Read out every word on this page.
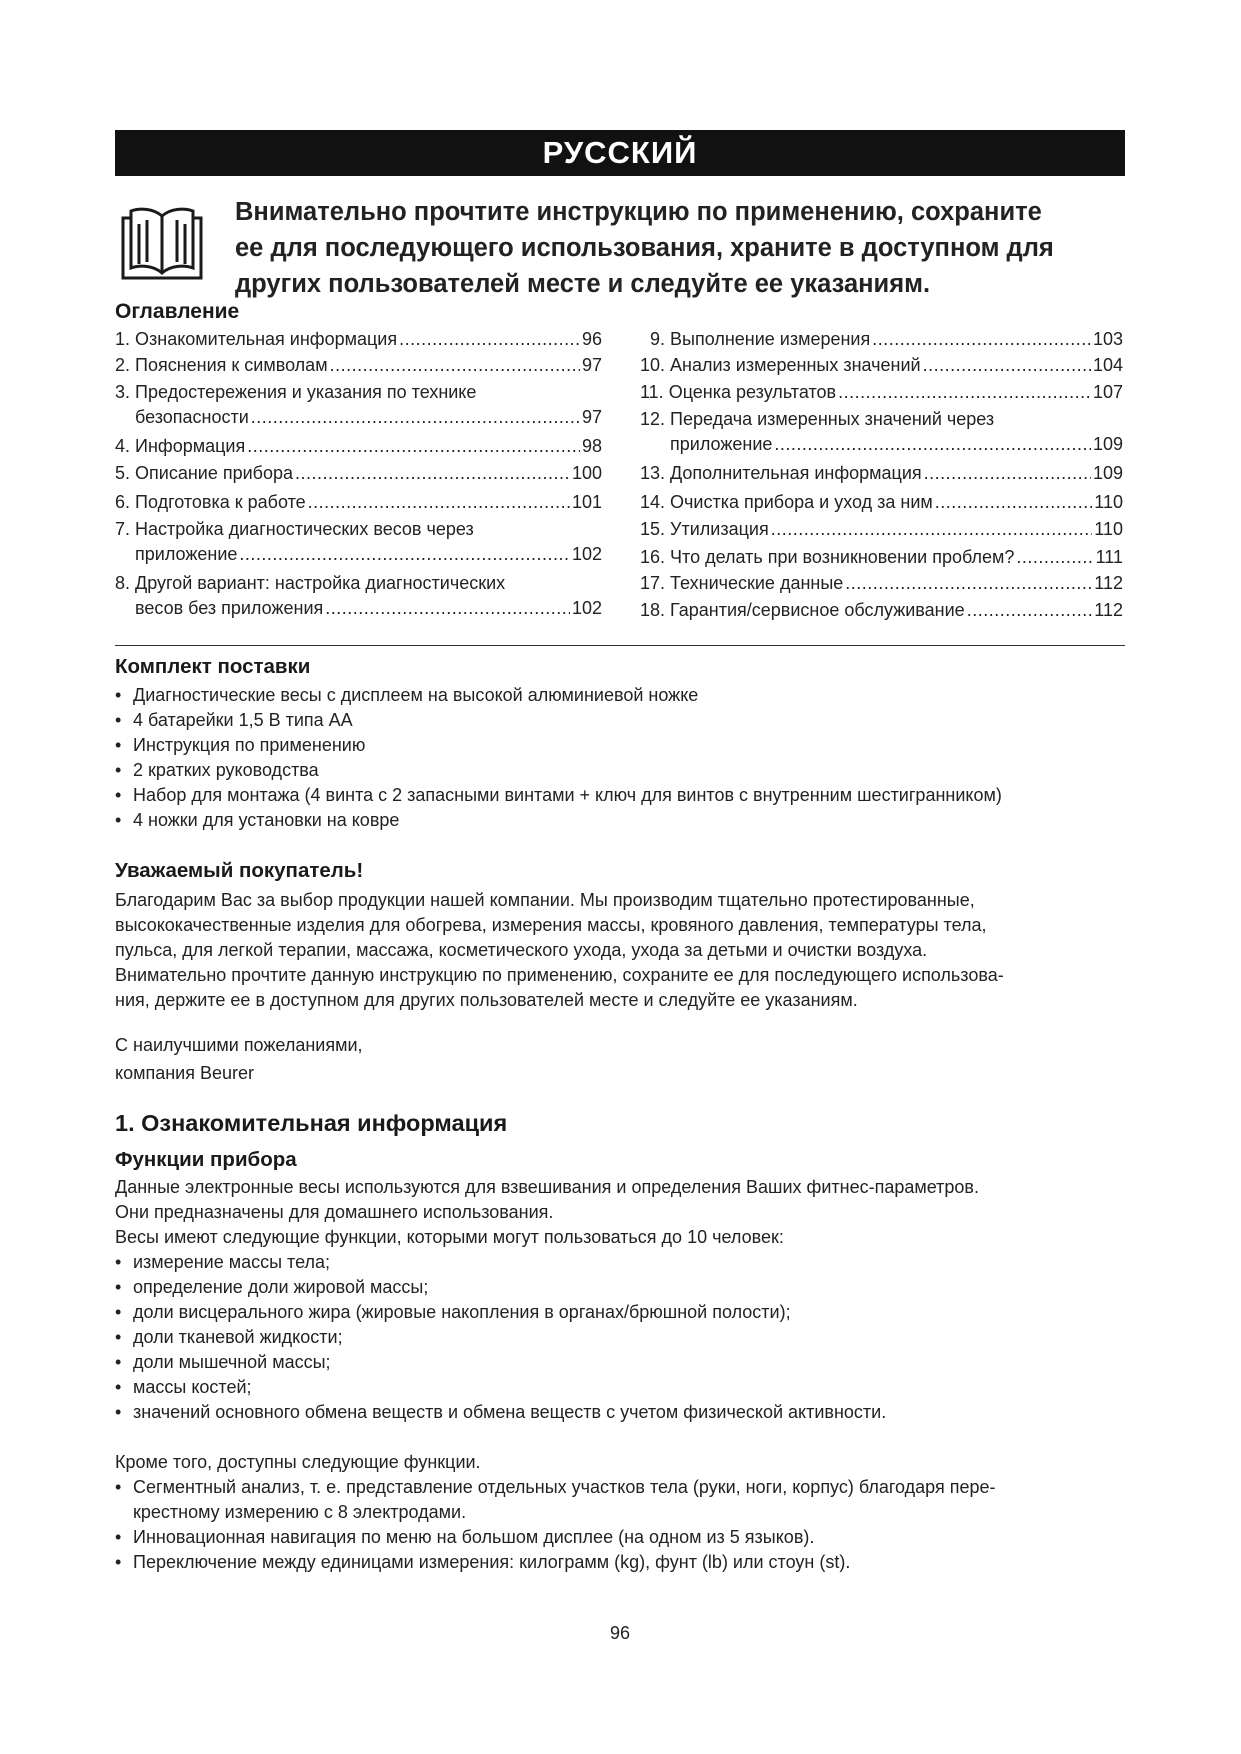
РУССКИЙ
Внимательно прочтите инструкцию по применению, сохраните
ее для последующего использования, храните в доступном для
других пользователей месте и следуйте ее указаниям.
Оглавление
1. Ознакомительная информация .....	96
2. Пояснения к символам .....	97
3. Предостережения и указания по технике
безопасности .....	97
4. Информация .....	98
5. Описание прибора .....	100
6. Подготовка к работе .....	101
7. Настройка диагностических весов через
приложение .....	102
8. Другой вариант: настройка диагностических
весов без приложения .....	102
9. Выполнение измерения .....	103
10. Анализ измеренных значений .....	104
11. Оценка результатов .....	107
12. Передача измеренных значений через
приложение .....	109
13. Дополнительная информация .....	109
14. Очистка прибора и уход за ним .....	110
15. Утилизация .....	110
16. Что делать при возникновении проблем? .....	111
17. Технические данные .....	112
18. Гарантия/сервисное обслуживание .....	112
Комплект поставки
• Диагностические весы с дисплеем на высокой алюминиевой ножке
• 4 батарейки 1,5 В типа AA
• Инструкция по применению
• 2 кратких руководства
• Набор для монтажа (4 винта с 2 запасными винтами + ключ для винтов с внутренним шестигранником)
• 4 ножки для установки на ковре
Уважаемый покупатель!

Благодарим Вас за выбор продукции нашей компании. Мы производим тщательно протестированные,

высококачественные изделия для обогрева, измерения массы, кровяного давления, температуры тела,

пульса, для легкой терапии, массажа, косметического ухода, ухода за детьми и очистки воздуха.

Внимательно прочтите данную инструкцию по применению, сохраните ее для последующего использова-

ния, держите ее в доступном для других пользователей месте и следуйте ее указаниям.

С наилучшими пожеланиями,

компания Beurer

1. Ознакомительная информация
Функции прибора

Данные электронные весы используются для взвешивания и определения Ваших фитнес-параметров.

Они предназначены для домашнего использования.

Весы имеют следующие функции, которыми могут пользоваться до 10 человек:

• измерение массы тела;
• определение доли жировой массы;
• доли висцерального жира (жировые накопления в органах/брюшной полости);
• доли тканевой жидкости;
• доли мышечной массы;
• массы костей;
• значений основного обмена веществ и обмена веществ с учетом физической активности.

Кроме того, доступны следующие функции.

• Сегментный анализ, т. е. представление отдельных участков тела (руки, ноги, корпус) благодаря пере-
крестному измерению с 8 электродами.
• Инновационная навигация по меню на большом дисплее (на одном из 5 языков).
• Переключение между единицами измерения: килограмм (kg), фунт (lb) или стоун (st).
96
